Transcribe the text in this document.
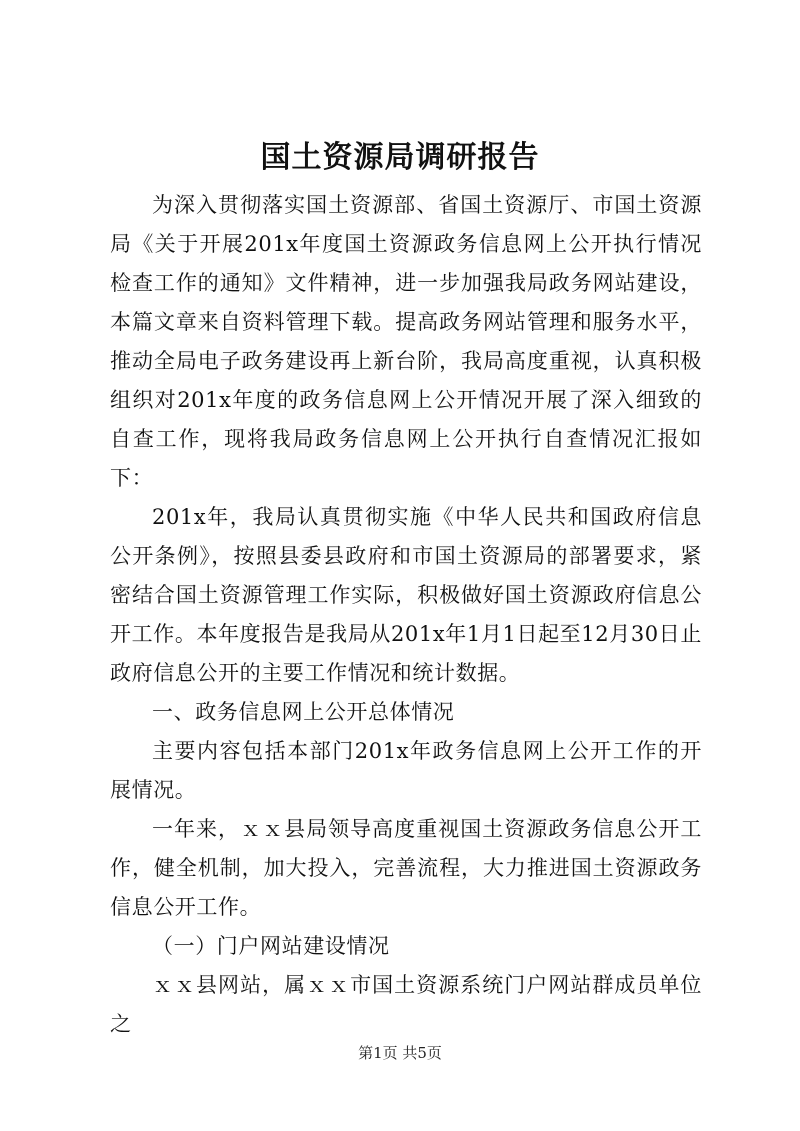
国土资源局调研报告

为深入贯彻落实国土资源部、省国土资源厅、市国土资源局《关于开展201x年度国土资源政务信息网上公开执行情况检查工作的通知》文件精神，进一步加强我局政务网站建设，本篇文章来自资料管理下载。提高政务网站管理和服务水平，推动全局电子政务建设再上新台阶，我局高度重视，认真积极组织对201x年度的政务信息网上公开情况开展了深入细致的自查工作，现将我局政务信息网上公开执行自查情况汇报如下：

201x年，我局认真贯彻实施《中华人民共和国政府信息公开条例》，按照县委县政府和市国土资源局的部署要求，紧密结合国土资源管理工作实际，积极做好国土资源政府信息公开工作。本年度报告是我局从201x年1月1日起至12月30日止政府信息公开的主要工作情况和统计数据。

一、政务信息网上公开总体情况

主要内容包括本部门201x年政务信息网上公开工作的开展情况。

一年来，ｘｘ县局领导高度重视国土资源政务信息公开工作，健全机制，加大投入，完善流程，大力推进国土资源政务信息公开工作。

（一）门户网站建设情况

ｘｘ县网站，属ｘｘ市国土资源系统门户网站群成员单位之

第1页 共5页
